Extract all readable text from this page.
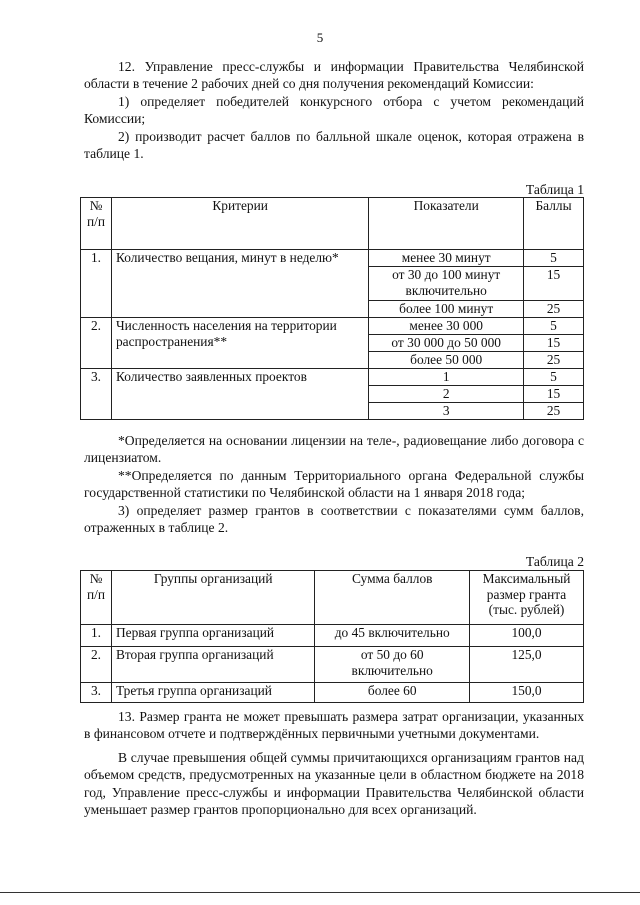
5

12. Управление пресс-службы и информации Правительства Челябинской области в течение 2 рабочих дней со дня получения рекомендаций Комиссии:

1) определяет победителей конкурсного отбора с учетом рекомендаций Комиссии;

2) производит расчет баллов по балльной шкале оценок, которая отражена в таблице 1.

Таблица 1
№ п/п	Критерии	Показатели	Баллы
1.	Количество вещания, минут в неделю*	менее 30 минут	5
		от 30 до 100 минут включительно	15
		более 100 минут	25
2.	Численность населения на территории распространения**	менее 30 000	5
		от 30 000 до 50 000	15
		более 50 000	25
3.	Количество заявленных проектов	1	5
		2	15
		3	25

*Определяется на основании лицензии на теле-, радиовещание либо договора с лицензиатом.

**Определяется по данным Территориального органа Федеральной службы государственной статистики по Челябинской области на 1 января 2018 года;

3) определяет размер грантов в соответствии с показателями сумм баллов, отраженных в таблице 2.

Таблица 2
№ п/п	Группы организаций	Сумма баллов	Максимальный размер гранта (тыс. рублей)
1.	Первая группа организаций	до 45 включительно	100,0
2.	Вторая группа организаций	от 50 до 60 включительно	125,0
3.	Третья группа организаций	более 60	150,0

13. Размер гранта не может превышать размера затрат организации, указанных в финансовом отчете и подтверждённых первичными учетными документами.

В случае превышения общей суммы причитающихся организациям грантов над объемом средств, предусмотренных на указанные цели в областном бюджете на 2018 год, Управление пресс-службы и информации Правительства Челябинской области уменьшает размер грантов пропорционально для всех организаций.
